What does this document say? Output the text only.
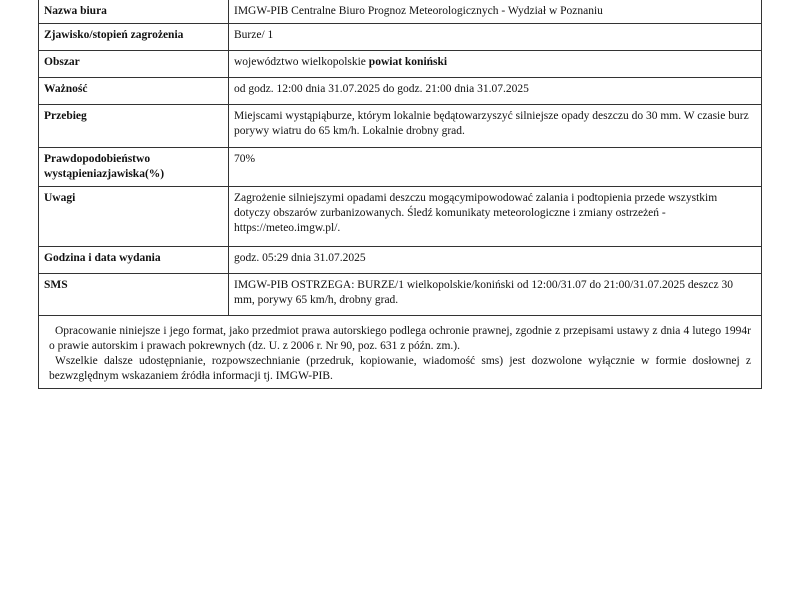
Nazwa biura	IMGW-PIB Centralne Biuro Prognoz Meteorologicznych - Wydział w Poznaniu
Zjawisko/stopień zagrożenia	Burze/ 1
Obszar	województwo wielkopolskie powiat koniński
Ważność	od godz. 12:00 dnia 31.07.2025 do godz. 21:00 dnia 31.07.2025
Przebieg	Miejscami wystąpiąburze, którym lokalnie będątowarzyszyć silniejsze opady deszczu do 30 mm. W czasie burz porywy wiatru do 65 km/h. Lokalnie drobny grad.
Prawdopodobieństwo wystąpieniazjawiska(%)	70%
Uwagi	Zagrożenie silniejszymi opadami deszczu mogącymipowodować zalania i podtopienia przede wszystkim dotyczy obszarów zurbanizowanych. Śledź komunikaty meteorologiczne i zmiany ostrzeżeń - https://meteo.imgw.pl/.
Godzina i data wydania	godz. 05:29 dnia 31.07.2025
SMS	IMGW-PIB OSTRZEGA: BURZE/1 wielkopolskie/koniński od 12:00/31.07 do 21:00/31.07.2025 deszcz 30 mm, porywy 65 km/h, drobny grad.

Opracowanie niniejsze i jego format, jako przedmiot prawa autorskiego podlega ochronie prawnej, zgodnie z przepisami ustawy z dnia 4 lutego 1994r o prawie autorskim i prawach pokrewnych (dz. U. z 2006 r. Nr 90, poz. 631 z późn. zm.).
Wszelkie dalsze udostępnianie, rozpowszechnianie (przedruk, kopiowanie, wiadomość sms) jest dozwolone wyłącznie w formie dosłownej z bezwzględnym wskazaniem źródła informacji tj. IMGW-PIB.	
